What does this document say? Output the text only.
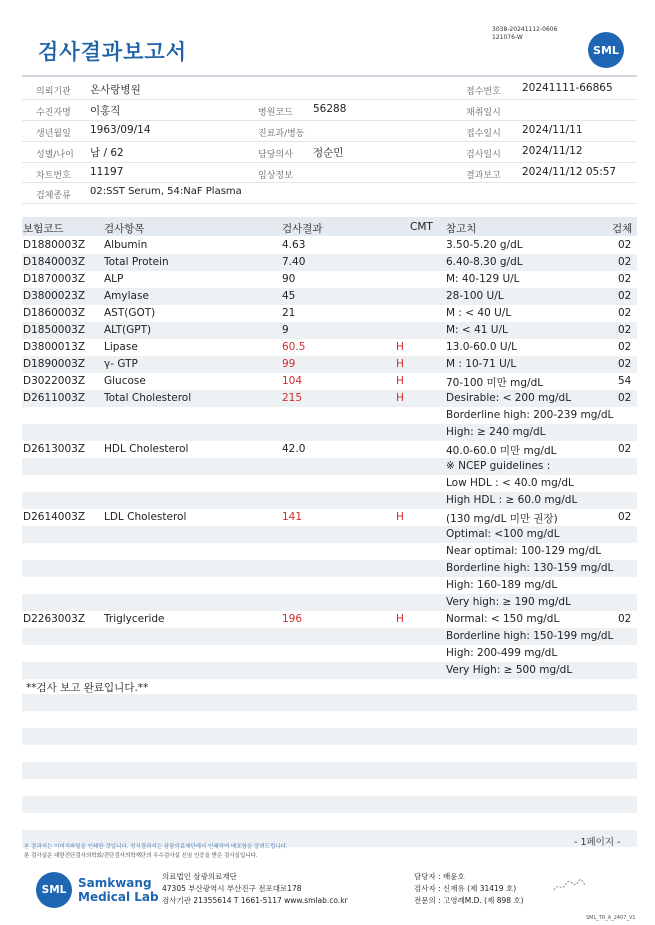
검사결과보고서
3038-20241112-0606
121076-W
SML
의뢰기관 온사랑병원	접수번호 20241111-66865
수진자명 이홍직	병원코드 56288	채취일시
생년월일 1963/09/14	진료과/병동	접수일시 2024/11/11
성별/나이 남 / 62	담당의사 정순민	검사일시 2024/11/12
차트번호 11197	임상정보	결과보고 2024/11/12 05:57
검체종류 02:SST Serum, 54:NaF Plasma
보험코드	검사항목	검사결과	CMT 참고치	검체
D1880003Z Albumin	4.63	3.50-5.20 g/dL	02
D1840003Z Total Protein	7.40	6.40-8.30 g/dL	02
D1870003Z ALP	90	M: 40-129 U/L	02
D3800023Z Amylase	45	28-100 U/L	02
D1860003Z AST(GOT)	21	M : < 40 U/L	02
D1850003Z ALT(GPT)	9	M: < 41 U/L	02
D3800013Z Lipase	60.5	H	13.0-60.0 U/L	02
D1890003Z γ- GTP	99	H	M : 10-71 U/L	02
D3022003Z Glucose	104	H	70-100 미만 mg/dL	54
D2611003Z Total Cholesterol	215	H	Desirable: < 200 mg/dL	02
Borderline high: 200-239 mg/dL
High: ≥ 240 mg/dL
D2613003Z HDL Cholesterol	42.0	40.0-60.0 미만 mg/dL	02
※ NCEP guidelines :
Low HDL : < 40.0 mg/dL
High HDL : ≥ 60.0 mg/dL
D2614003Z LDL Cholesterol	141	H	(130 mg/dL 미만 권장)	02
Optimal: <100 mg/dL
Near optimal: 100-129 mg/dL
Borderline high: 130-159 mg/dL
High: 160-189 mg/dL
Very high: ≥ 190 mg/dL
D2263003Z Triglyceride	196	H	Normal: < 150 mg/dL	02
Borderline high: 150-199 mg/dL
High: 200-499 mg/dL
Very High: ≥ 500 mg/dL
**검사 보고 완료입니다.**
본 결과지는 이미지파일을 인쇄한 것입니다. 정식결과지는 삼광의료재단에서 인쇄하여 배포함을 알려드립니다.
본 검사실은 대한진단검사의학회/진단검사의학재단의 우수검사실 신임 인증을 받은 검사실입니다.
- 1페이지 -
SML Samkwang
Medical Lab
의료법인 삼광의료재단
47305 부산광역시 부산진구 전포대로178
검사기관 21355614 T 1661-5117 www.smlab.co.kr
담당자 : 배윤호
검사자 : 신재유 (제 31419 호)
전문의 : 고영례M.D. (제 898 호)
SML_TR_A_2407_V1
